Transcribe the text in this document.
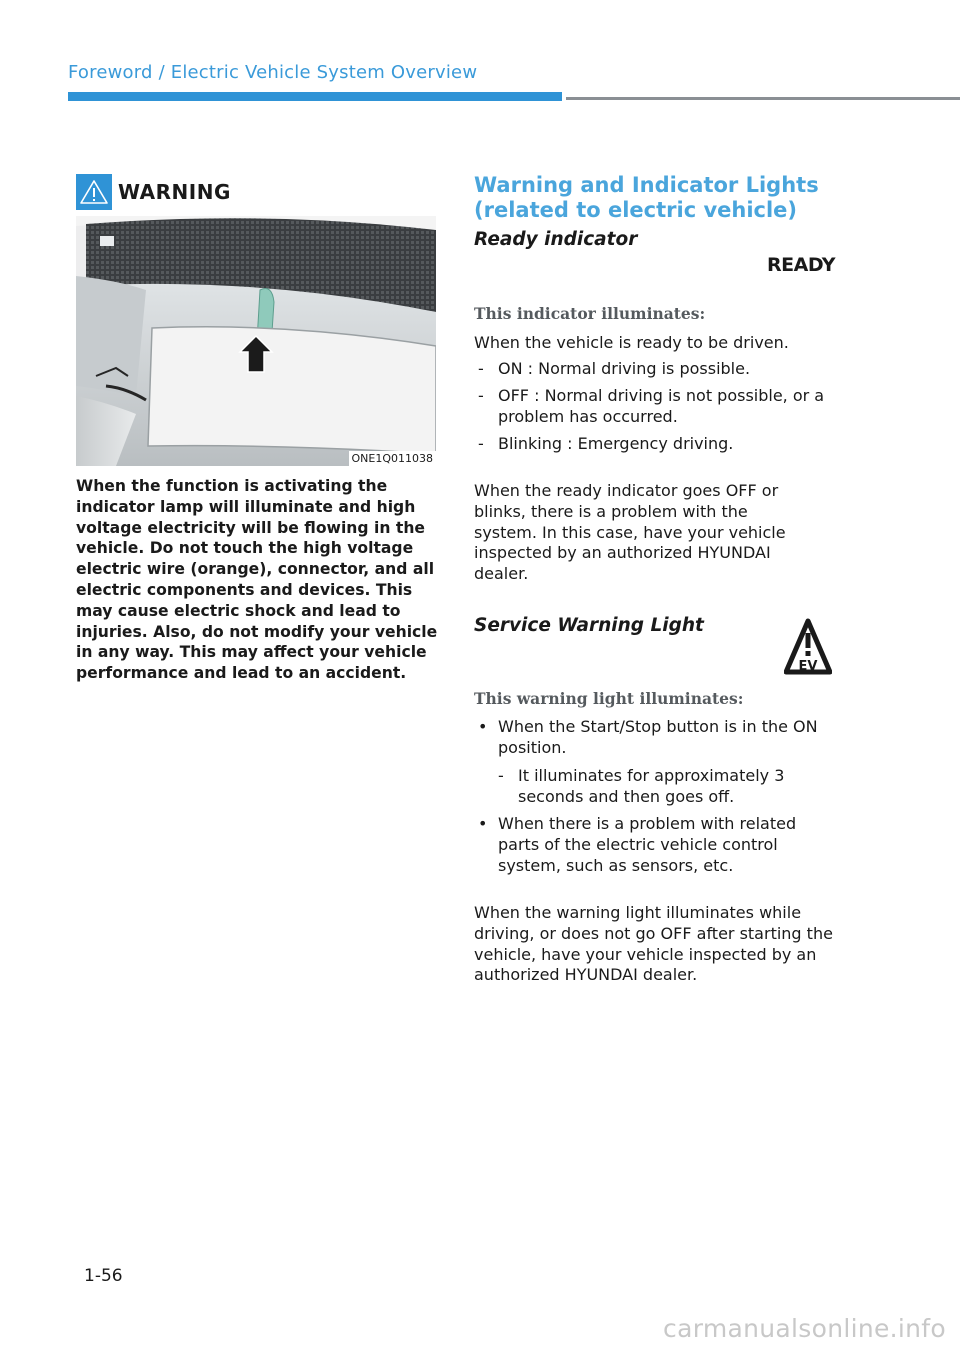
Foreword / Electric Vehicle System Overview
WARNING
ONE1Q011038
When the function is activating the indicator lamp will illuminate and high voltage electricity will be flowing in the vehicle. Do not touch the high voltage electric wire (orange), connector, and all electric components and devices. This may cause electric shock and lead to injuries. Also, do not modify your vehicle in any way. This may affect your vehicle performance and lead to an accident.
Warning and Indicator Lights
(related to electric vehicle)
Ready indicator
READY
This indicator illuminates:
When the vehicle is ready to be driven.
- ON : Normal driving is possible.
- OFF : Normal driving is not possible, or a problem has occurred.
- Blinking : Emergency driving.
When the ready indicator goes OFF or blinks, there is a problem with the system. In this case, have your vehicle inspected by an authorized HYUNDAI dealer.
Service Warning Light
EV
This warning light illuminates:
• When the Start/Stop button is in the ON position.
- It illuminates for approximately 3 seconds and then goes off.
• When there is a problem with related parts of the electric vehicle control system, such as sensors, etc.
When the warning light illuminates while driving, or does not go OFF after starting the vehicle, have your vehicle inspected by an authorized HYUNDAI dealer.
1-56
carmanualsonline.info
